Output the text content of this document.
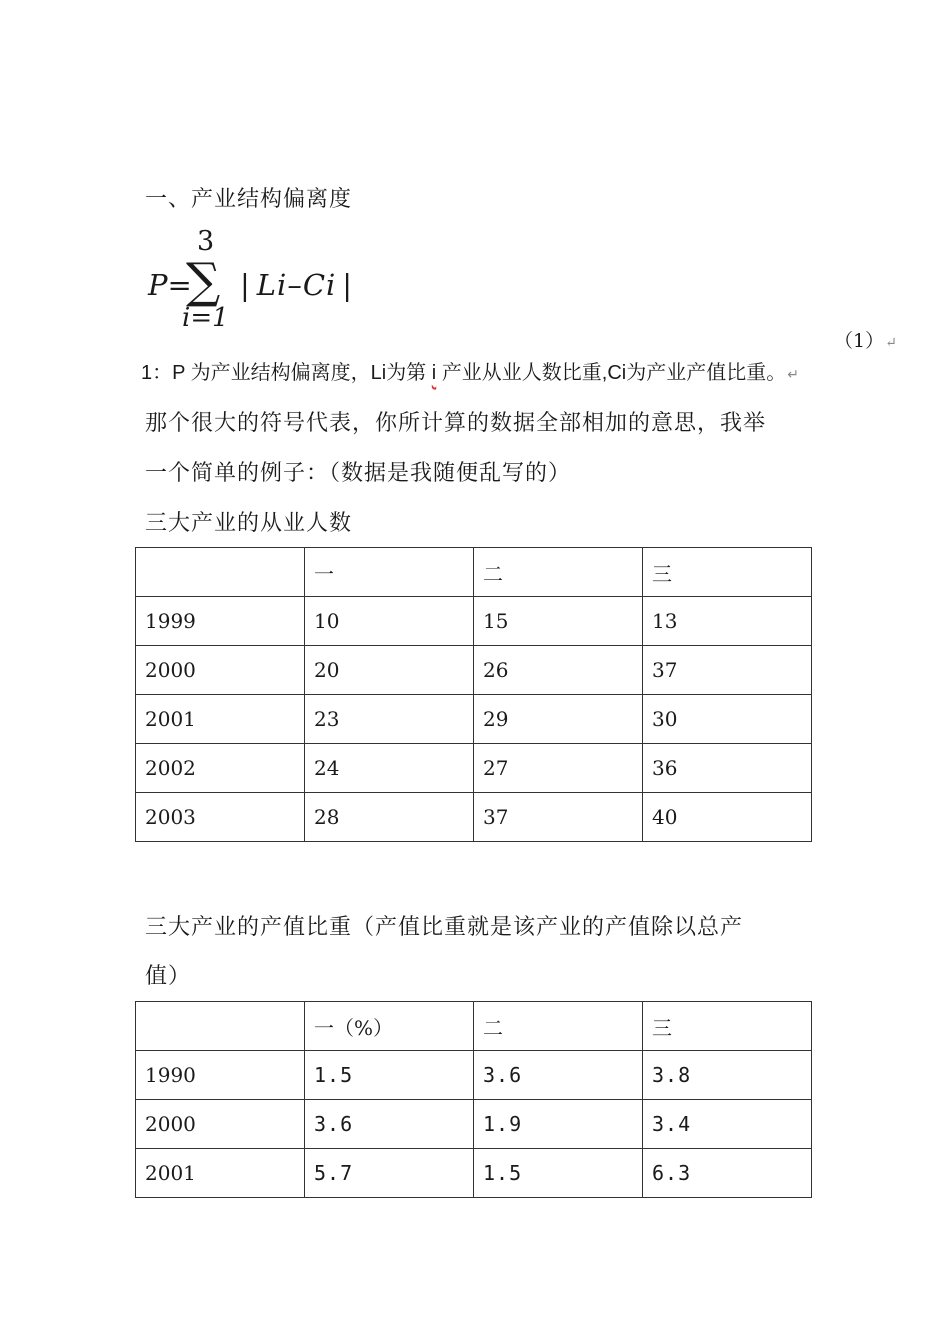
一、产业结构偏离度
3
P=
∑
i=1
| Li–Ci |
（1）↵
1：P 为产业结构偏离度，Li为第 i 产业从业人数比重,Ci为产业产值比重。↵
那个很大的符号代表，你所计算的数据全部相加的意思，我举
一个简单的例子：（数据是我随便乱写的）
三大产业的从业人数
	一	二	三
1999	10	15	13
2000	20	26	37
2001	23	29	30
2002	24	27	36
2003	28	37	40
三大产业的产值比重（产值比重就是该产业的产值除以总产
值）
	一（%）	二	三
1990	1.5	3.6	3.8
2000	3.6	1.9	3.4
2001	5.7	1.5	6.3
